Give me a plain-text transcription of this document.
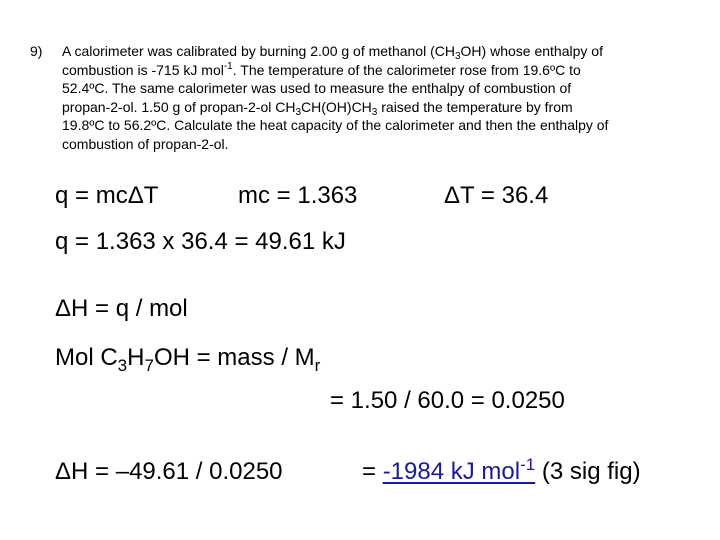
9) A calorimeter was calibrated by burning 2.00 g of methanol $(CH_3OH)$ whose enthalpy of
combustion is -715 kJ mol$^{-1}$. The temperature of the calorimeter rose from 19.6ºC to
52.4ºC. The same calorimeter was used to measure the enthalpy of combustion of
propan-2-ol. 1.50 g of propan-2-ol $CH_3CH(OH)CH_3$ raised the temperature by from
19.8ºC to 56.2ºC. Calculate the heat capacity of the calorimeter and then the enthalpy of
combustion of propan-2-ol.
q = mcΔT	mc = 1.363	ΔT = 36.4
q = 1.363 x 36.4 = 49.61 kJ
ΔH = q / mol
Mol $C_3H_7OH$ = mass / $M_r$
= 1.50 / 60.0 = 0.0250
ΔH = –49.61 / 0.0250	= -1984 kJ mol$^{-1}$ (3 sig fig)
